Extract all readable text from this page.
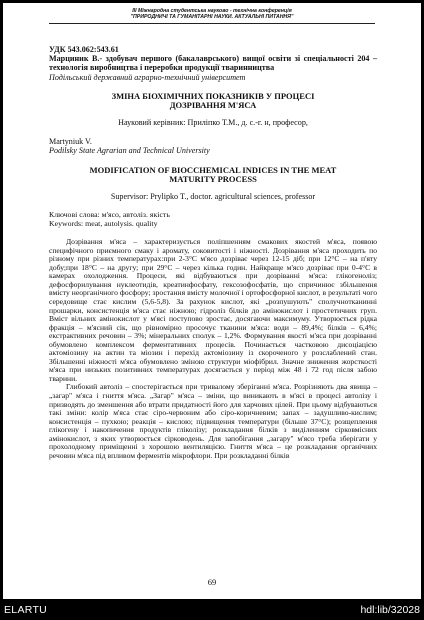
III Міжнародна студентська науково - технічна конференція
"ПРИРОДНИЧІ ТА ГУМАНІТАРНІ НАУКИ. АКТУАЛЬНІ ПИТАННЯ"

УДК 543.062:543.61

Марциник В.- здобувач першого (бакалаврського) вищої освіти зі спеціальності 204 – технологія виробництва і переробки продукції тваринництва

Подільський державний аграрно-технічний університет

ЗМІНА БІОХІМІЧНИХ ПОКАЗНИКІВ У ПРОЦЕСІ ДОЗРІВАННЯ М'ЯСА

Науковий керівник: Приліпко Т.М., д. с.-г. н, професор,

Martyniuk V.

Podilsky State Agrarian and Technical University

MODIFICATION OF BIOCCHEMICAL INDICES IN THE MEAT MATURITY PROCESS

Supervisor: Prylipko T., doctor. agricultural sciences, professor

Ключові слова: м'ясо, автоліз. якість

Keywords: meat, autolysis. quality

Дозрівання м'яса – характеризується поліпшенням смакових якостей м'яса, появою специфічного приємного смаку і аромату, соковитості і ніжності. Дозрівання м'яса проходить по різному при різних температурах:при 2-3°С м'ясо дозріває через 12-15 діб; при 12°С – на п'яту добу;при 18°С – на другу; при 29°С – через кілька годин. Найкраще м'ясо дозріває при 0-4°С в камерах охолодження. Процеси, які відбуваються при дозріванні м'яса: глікогеноліз; дефосфорилування нуклеотидів, креатинфосфату, гексозофосфатів, що спричинює збільшення вмісту неорганічного фосфору; зростання вмісту молочної і ортофосфорної кислот, в результаті чого середовище стає кислим (5,6-5,8). За рахунок кислот, які „розпушують" сполучнотканинні прошарки, консистенція м'яса стає ніжною; гідроліз білків до амінокислот і простетичних груп. Вміст вільних амінокислот у м'ясі поступово зростає, досягаючи максимуму. Утворюється рідка фракція – м'ясний сік, що рівномірно просочує тканини м'яса: води – 89,4%; білків – 6,4%; екстрактивних речовин – 3%; мінеральних сполук – 1,2%. Формування якості м'яса при дозріванні обумовлено комплексом ферментативних процесів. Починається частковою дисоціацією актоміозину на актин та міозин і перехід актоміозину із скороченого у розслаблений стан. Збільшенні ніжності м'яса обумовлено зміною структури міофібрил. Значне зниження жорсткості м'яса при низьких позитивних температурах досягається у період між 48 і 72 год після забою тварини.

Глибокий автоліз – спостерігається при тривалому зберіганні м'яса. Розрізняють два явища – „загар" м'яса і гниття м'яса. „Загар" м'яса – зміни, що виникають в м'ясі в процесі автолізу і призводять до зменшення або втрати придатності його для харчових цілей. При цьому відбуваються такі зміни: колір м'яса стає сіро-червоним або сіро-коричневим; запах – задушливо-кислим; консистенція – пухкою; реакція – кислою; підвищення температури (більше 37°С); розщеплення глікогену і накопичення продуктів гліколізу; розкладання білків з виділенням сірковмісних амінокислот, з яких утворюється сірководень. Для запобігання „загару" м'ясо треба зберігати у прохолодному приміщенні з хорошою вентиляцією. Гниття м'яса – це розкладання органічних речовин м'яса під впливом ферментів мікрофлори. При розкладанні білків

69
ELARTU	hdl:lib/32028
